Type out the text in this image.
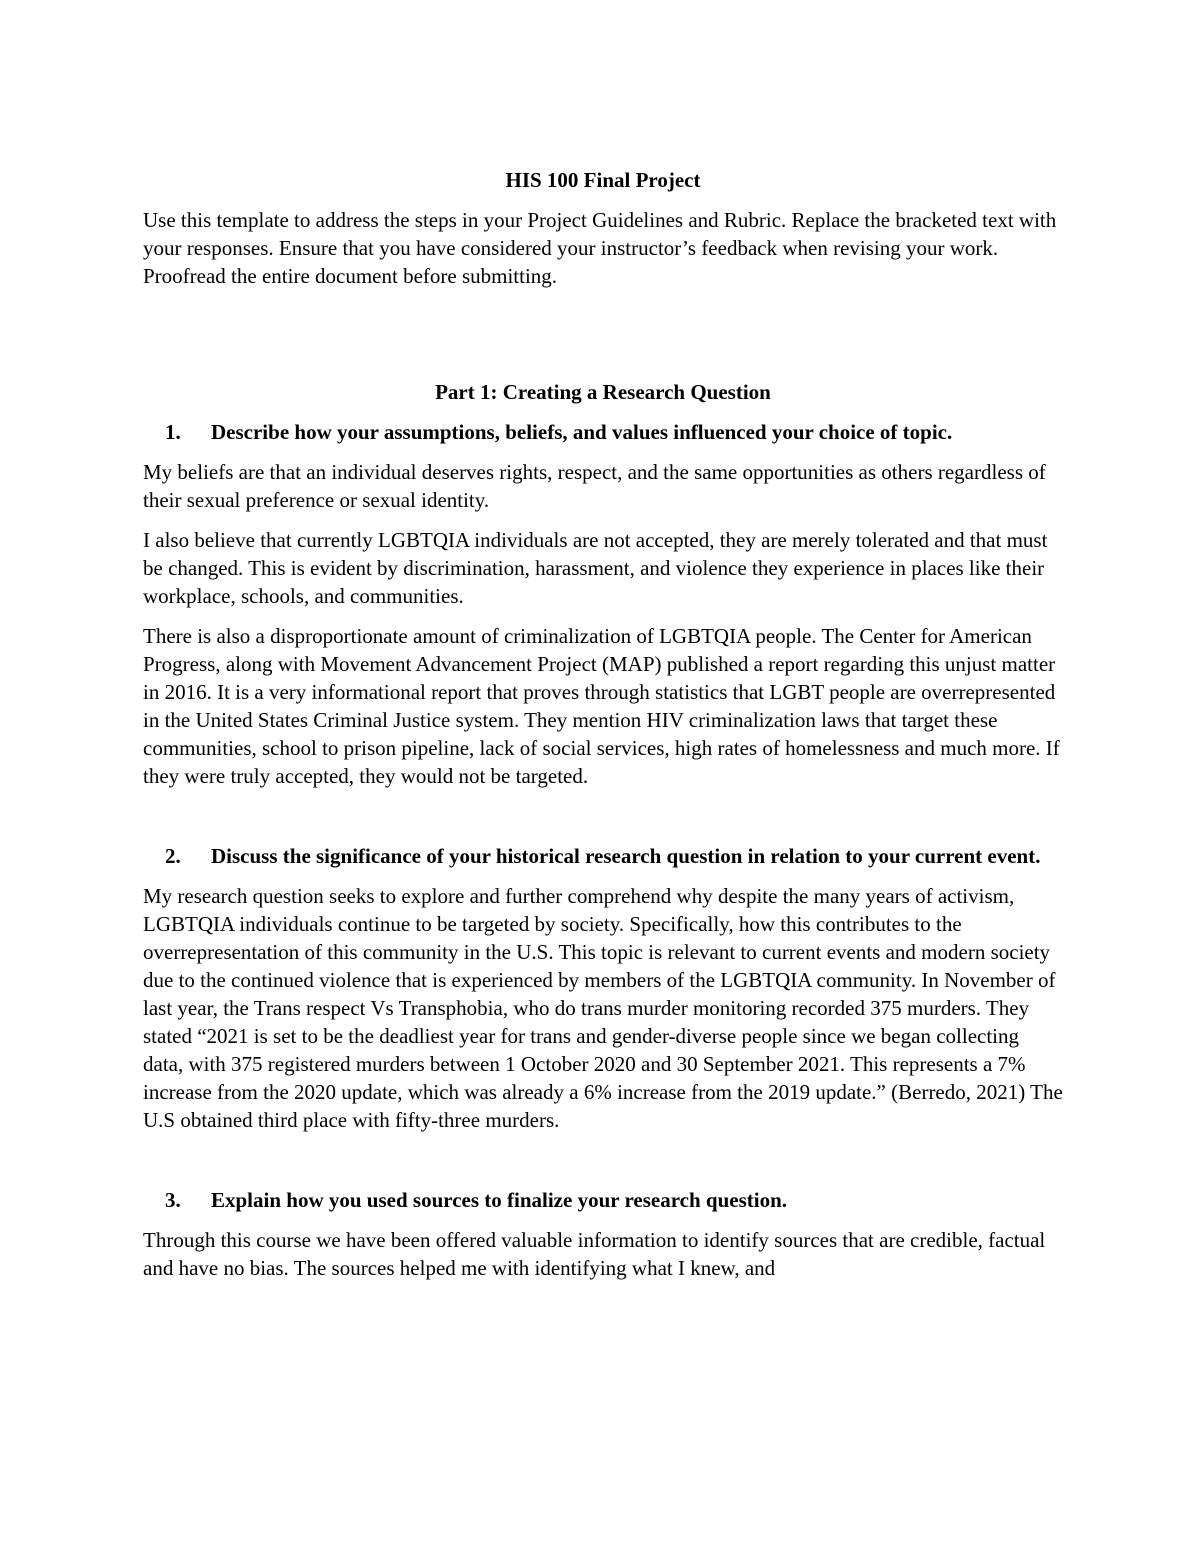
HIS 100 Final Project
Use this template to address the steps in your Project Guidelines and Rubric. Replace the bracketed text with your responses. Ensure that you have considered your instructor’s feedback when revising your work. Proofread the entire document before submitting.
Part 1: Creating a Research Question
1.	Describe how your assumptions, beliefs, and values influenced your choice of topic.
My beliefs are that an individual deserves rights, respect, and the same opportunities as others regardless of their sexual preference or sexual identity.
I also believe that currently LGBTQIA individuals are not accepted, they are merely tolerated and that must be changed. This is evident by discrimination, harassment, and violence they experience in places like their workplace, schools, and communities.
There is also a disproportionate amount of criminalization of LGBTQIA people. The Center for American Progress, along with Movement Advancement Project (MAP) published a report regarding this unjust matter in 2016. It is a very informational report that proves through statistics that LGBT people are overrepresented in the United States Criminal Justice system. They mention HIV criminalization laws that target these communities, school to prison pipeline, lack of social services, high rates of homelessness and much more. If they were truly accepted, they would not be targeted.
2.	Discuss the significance of your historical research question in relation to your current event.
My research question seeks to explore and further comprehend why despite the many years of activism, LGBTQIA individuals continue to be targeted by society. Specifically, how this contributes to the overrepresentation of this community in the U.S. This topic is relevant to current events and modern society due to the continued violence that is experienced by members of the LGBTQIA community. In November of last year, the Trans respect Vs Transphobia, who do trans murder monitoring recorded 375 murders. They stated “2021 is set to be the deadliest year for trans and gender-diverse people since we began collecting data, with 375 registered murders between 1 October 2020 and 30 September 2021. This represents a 7% increase from the 2020 update, which was already a 6% increase from the 2019 update.” (Berredo, 2021) The U.S obtained third place with fifty-three murders.
3.	Explain how you used sources to finalize your research question.
Through this course we have been offered valuable information to identify sources that are credible, factual and have no bias. The sources helped me with identifying what I knew, and
